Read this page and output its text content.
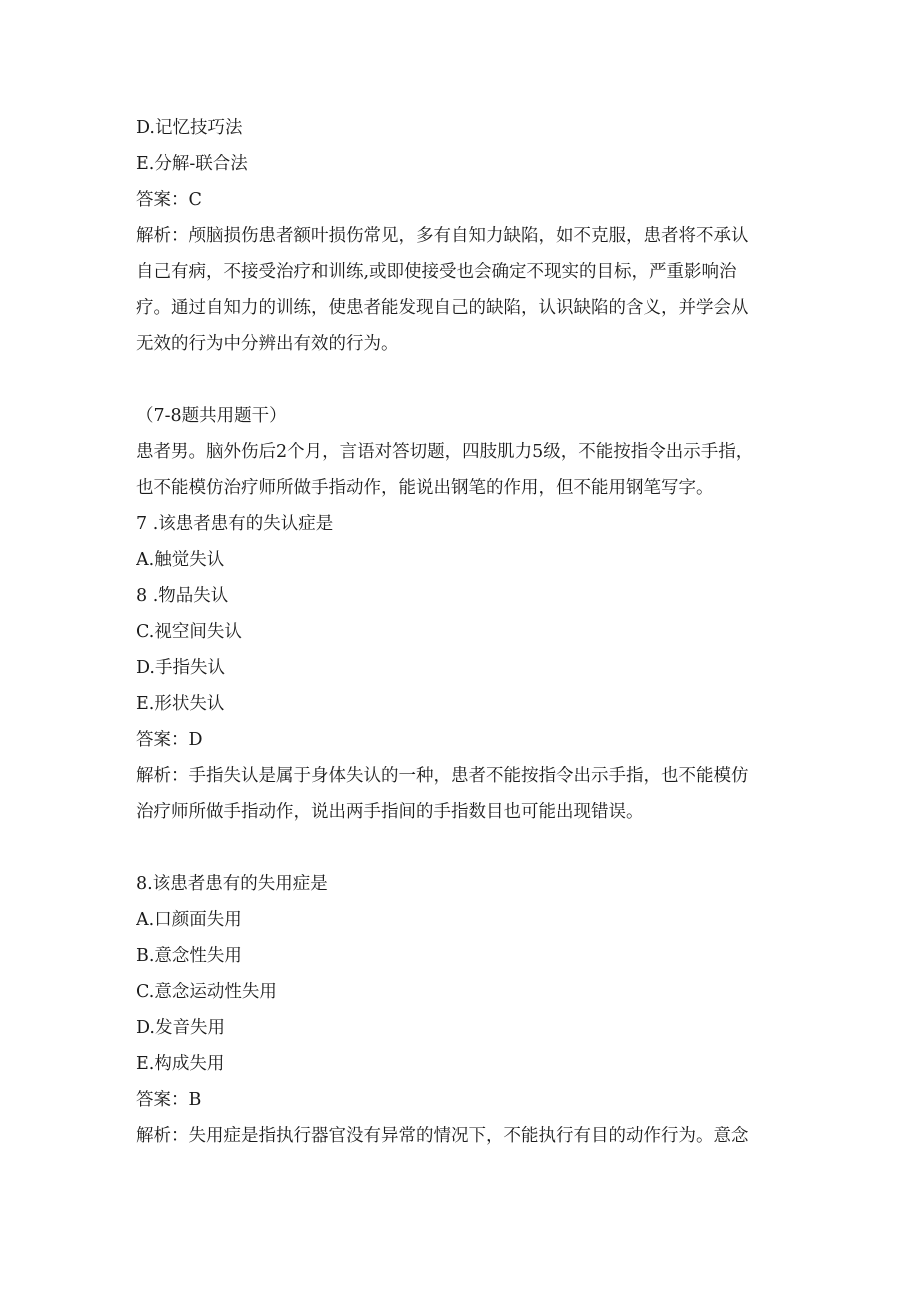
D.记忆技巧法
E.分解-联合法
答案：C
解析：颅脑损伤患者额叶损伤常见，多有自知力缺陷，如不克服，患者将不承认
自己有病，不接受治疗和训练,或即使接受也会确定不现实的目标，严重影响治
疗。通过自知力的训练，使患者能发现自己的缺陷，认识缺陷的含义，并学会从
无效的行为中分辨出有效的行为。
（7-8题共用题干）
患者男。脑外伤后2个月，言语对答切题，四肢肌力5级，不能按指令出示手指，
也不能模仿治疗师所做手指动作，能说出钢笔的作用，但不能用钢笔写字。
7 .该患者患有的失认症是
A.触觉失认
8 .物品失认
C.视空间失认
D.手指失认
E.形状失认
答案：D
解析：手指失认是属于身体失认的一种，患者不能按指令出示手指，也不能模仿
治疗师所做手指动作，说出两手指间的手指数目也可能出现错误。
8.该患者患有的失用症是
A.口颜面失用
B.意念性失用
C.意念运动性失用
D.发音失用
E.构成失用
答案：B
解析：失用症是指执行器官没有异常的情况下，不能执行有目的动作行为。意念
